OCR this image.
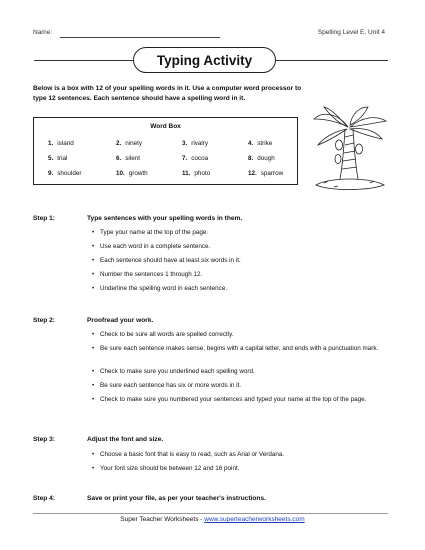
Name:	Spelling Level E, Unit 4
Typing Activity
Below is a box with 12 of your spelling words in it. Use a computer word processor to type 12 sentences. Each sentence should have a spelling word in it.
Word Box
1. island	2. ninety	3. rivalry	4. strike
5. trial	6. silent	7. cocoa	8. dough
9. shoulder	10. growth	11. photo	12. sparrow
Step 1:	Type sentences with your spelling words in them.
• Type your name at the top of the page.
• Use each word in a complete sentence.
• Each sentence should have at least six words in it.
• Number the sentences 1 through 12.
• Underline the spelling word in each sentence.
Step 2:	Proofread your work.
• Check to be sure all words are spelled correctly.
• Be sure each sentence makes sense, begins with a capital letter, and ends with a punctuation mark.
• Check to make sure you underlined each spelling word.
• Be sure each sentence has six or more words in it.
• Check to make sure you numbered your sentences and typed your name at the top of the page.
Step 3:	Adjust the font and size.
• Choose a basic font that is easy to read, such as Arial or Verdana.
• Your font size should be between 12 and 16 point.
Step 4:	Save or print your file, as per your teacher's instructions.
Super Teacher Worksheets - www.superteacherworksheets.com
